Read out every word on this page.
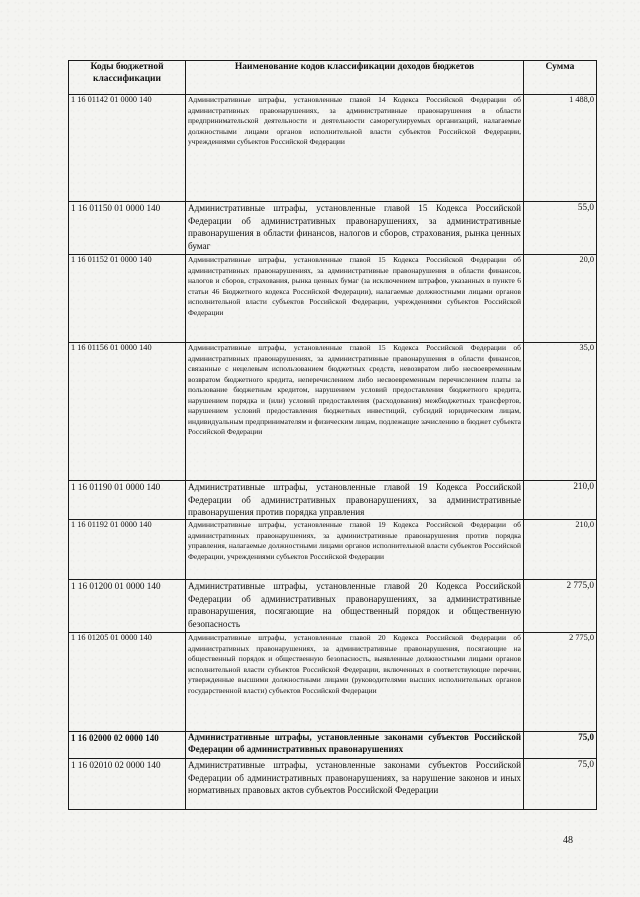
Коды бюджетной классификации	Наименование кодов классификации доходов бюджетов	Сумма
1 16 01142 01 0000 140	Административные штрафы, установленные главой 14 Кодекса Российской Федерации об административных правонарушениях, за административные правонарушения в области предпринимательской деятельности и деятельности саморегулируемых организаций, налагаемые должностными лицами органов исполнительной власти субъектов Российской Федерации, учреждениями субъектов Российской Федерации	1 488,0
1 16 01150 01 0000 140	Административные штрафы, установленные главой 15 Кодекса Российской Федерации об административных правонарушениях, за административные правонарушения в области финансов, налогов и сборов, страхования, рынка ценных бумаг	55,0
1 16 01152 01 0000 140	Административные штрафы, установленные главой 15 Кодекса Российской Федерации об административных правонарушениях, за административные правонарушения в области финансов, налогов и сборов, страхования, рынка ценных бумаг (за исключением штрафов, указанных в пункте 6 статьи 46 Бюджетного кодекса Российской Федерации), налагаемые должностными лицами органов исполнительной власти субъектов Российской Федерации, учреждениями субъектов Российской Федерации	20,0
1 16 01156 01 0000 140	Административные штрафы, установленные главой 15 Кодекса Российской Федерации об административных правонарушениях, за административные правонарушения в области финансов, связанные с нецелевым использованием бюджетных средств, невозвратом либо несвоевременным возвратом бюджетного кредита, неперечислением либо несвоевременным перечислением платы за пользование бюджетным кредитом, нарушением условий предоставления бюджетного кредита, нарушением порядка и (или) условий предоставления (расходования) межбюджетных трансфертов, нарушением условий предоставления бюджетных инвестиций, субсидий юридическим лицам, индивидуальным предпринимателям и физическим лицам, подлежащие зачислению в бюджет субъекта Российской Федерации	35,0
1 16 01190 01 0000 140	Административные штрафы, установленные главой 19 Кодекса Российской Федерации об административных правонарушениях, за административные правонарушения против порядка управления	210,0
1 16 01192 01 0000 140	Административные штрафы, установленные главой 19 Кодекса Российской Федерации об административных правонарушениях, за административные правонарушения против порядка управления, налагаемые должностными лицами органов исполнительной власти субъектов Российской Федерации, учреждениями субъектов Российской Федерации	210,0
1 16 01200 01 0000 140	Административные штрафы, установленные главой 20 Кодекса Российской Федерации об административных правонарушениях, за административные правонарушения, посягающие на общественный порядок и общественную безопасность	2 775,0
1 16 01205 01 0000 140	Административные штрафы, установленные главой 20 Кодекса Российской Федерации об административных правонарушениях, за административные правонарушения, посягающие на общественный порядок и общественную безопасность, выявленные должностными лицами органов исполнительной власти субъектов Российской Федерации, включенных в соответствующие перечни, утвержденные высшими должностными лицами (руководителями высших исполнительных органов государственной власти) субъектов Российской Федерации	2 775,0
1 16 02000 02 0000 140	Административные штрафы, установленные законами субъектов Российской Федерации об административных правонарушениях	75,0
1 16 02010 02 0000 140	Административные штрафы, установленные законами субъектов Российской Федерации об административных правонарушениях, за нарушение законов и иных нормативных правовых актов субъектов Российской Федерации	75,0
48
